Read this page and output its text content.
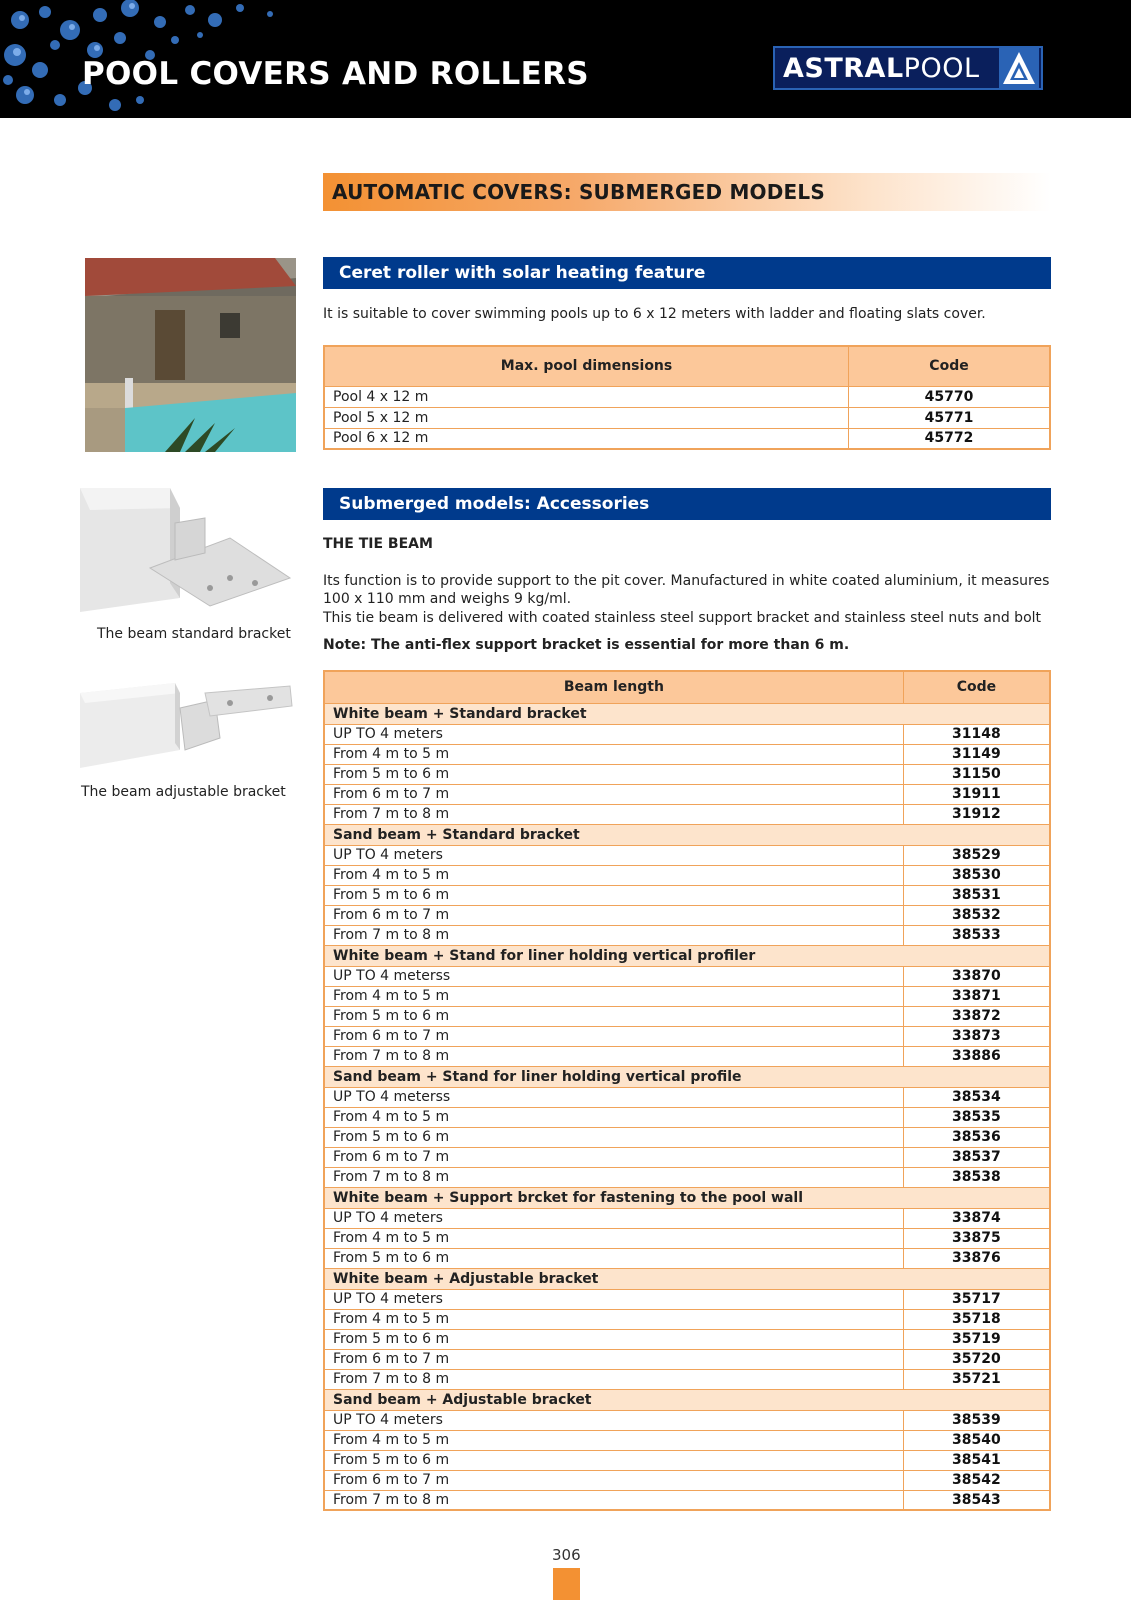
POOL COVERS AND ROLLERS	ASTRALPOOL
AUTOMATIC COVERS: SUBMERGED MODELS
Ceret roller with solar heating feature
It is suitable to cover swimming pools up to 6 x 12 meters with ladder and floating slats cover.
Max. pool dimensions	Code
Pool 4 x 12 m	45770
Pool 5 x 12 m	45771
Pool 6 x 12 m	45772
The beam standard bracket
The beam adjustable bracket
Submerged models: Accessories
THE TIE BEAM
Its function is to provide support to the pit cover. Manufactured in white coated aluminium, it measures 100 x 110 mm and weighs 9 kg/ml.
This tie beam is delivered with coated stainless steel support bracket and stainless steel nuts and bolt
Note: The anti-flex support bracket is essential for more than 6 m.
Beam length	Code
White beam + Standard bracket	
UP TO 4 meters	31148
From 4 m to 5 m	31149
From 5 m to 6 m	31150
From 6 m to 7 m	31911
From 7 m to 8 m	31912
Sand beam + Standard bracket	
UP TO 4 meters	38529
From 4 m to 5 m	38530
From 5 m to 6 m	38531
From 6 m to 7 m	38532
From 7 m to 8 m	38533
White beam + Stand for liner holding vertical profiler	
UP TO 4 meterss	33870
From 4 m to 5 m	33871
From 5 m to 6 m	33872
From 6 m to 7 m	33873
From 7 m to 8 m	33886
Sand beam + Stand for liner holding vertical profile	
UP TO 4 meterss	38534
From 4 m to 5 m	38535
From 5 m to 6 m	38536
From 6 m to 7 m	38537
From 7 m to 8 m	38538
White beam + Support brcket for fastening to the pool wall	
UP TO 4 meters	33874
From 4 m to 5 m	33875
From 5 m to 6 m	33876
White beam + Adjustable bracket	
UP TO 4 meters	35717
From 4 m to 5 m	35718
From 5 m to 6 m	35719
From 6 m to 7 m	35720
From 7 m to 8 m	35721
Sand beam + Adjustable bracket	
UP TO 4 meters	38539
From 4 m to 5 m	38540
From 5 m to 6 m	38541
From 6 m to 7 m	38542
From 7 m to 8 m	38543
306
